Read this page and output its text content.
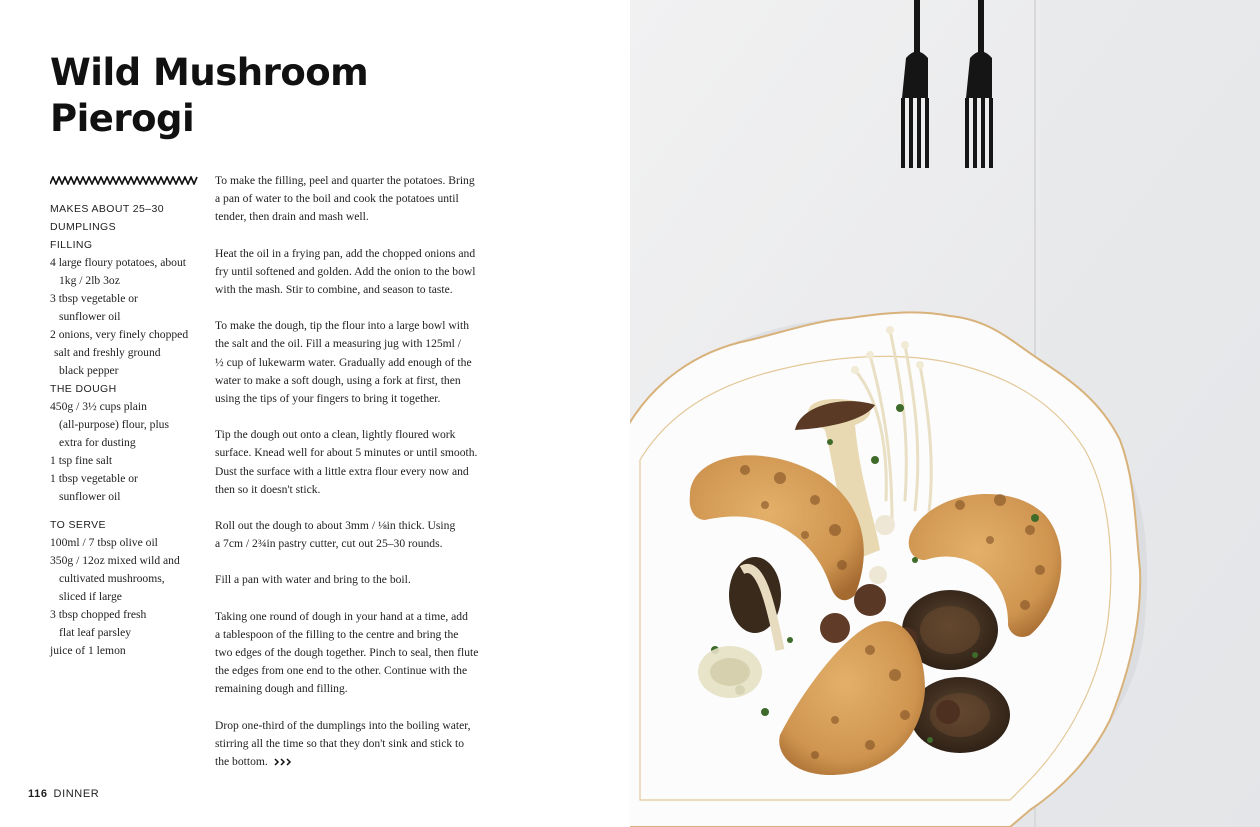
Wild Mushroom
Pierogi
MAKES ABOUT 25–30
DUMPLINGS
FILLING
4 large floury potatoes, about
1kg / 2lb 3oz
3 tbsp vegetable or
sunflower oil
2 onions, very finely chopped
salt and freshly ground
black pepper
THE DOUGH
450g / 3½ cups plain
(all-purpose) flour, plus
extra for dusting
1 tsp fine salt
1 tbsp vegetable or
sunflower oil
TO SERVE
100ml / 7 tbsp olive oil
350g / 12oz mixed wild and
cultivated mushrooms,
sliced if large
3 tbsp chopped fresh
flat leaf parsley
juice of 1 lemon

To make the filling, peel and quarter the potatoes. Bring
a pan of water to the boil and cook the potatoes until
tender, then drain and mash well.

Heat the oil in a frying pan, add the chopped onions and
fry until softened and golden. Add the onion to the bowl
with the mash. Stir to combine, and season to taste.

To make the dough, tip the flour into a large bowl with
the salt and the oil. Fill a measuring jug with 125ml /
½ cup of lukewarm water. Gradually add enough of the
water to make a soft dough, using a fork at first, then
using the tips of your fingers to bring it together.

Tip the dough out onto a clean, lightly floured work
surface. Knead well for about 5 minutes or until smooth.
Dust the surface with a little extra flour every now and
then so it doesn't stick.

Roll out the dough to about 3mm / ⅛in thick. Using
a 7cm / 2¾in pastry cutter, cut out 25–30 rounds.

Fill a pan with water and bring to the boil.

Taking one round of dough in your hand at a time, add
a tablespoon of the filling to the centre and bring the
two edges of the dough together. Pinch to seal, then flute
the edges from one end to the other. Continue with the
remaining dough and filling.

Drop one-third of the dumplings into the boiling water,
stirring all the time so that they don't sink and stick to
the bottom.

116 DINNER
